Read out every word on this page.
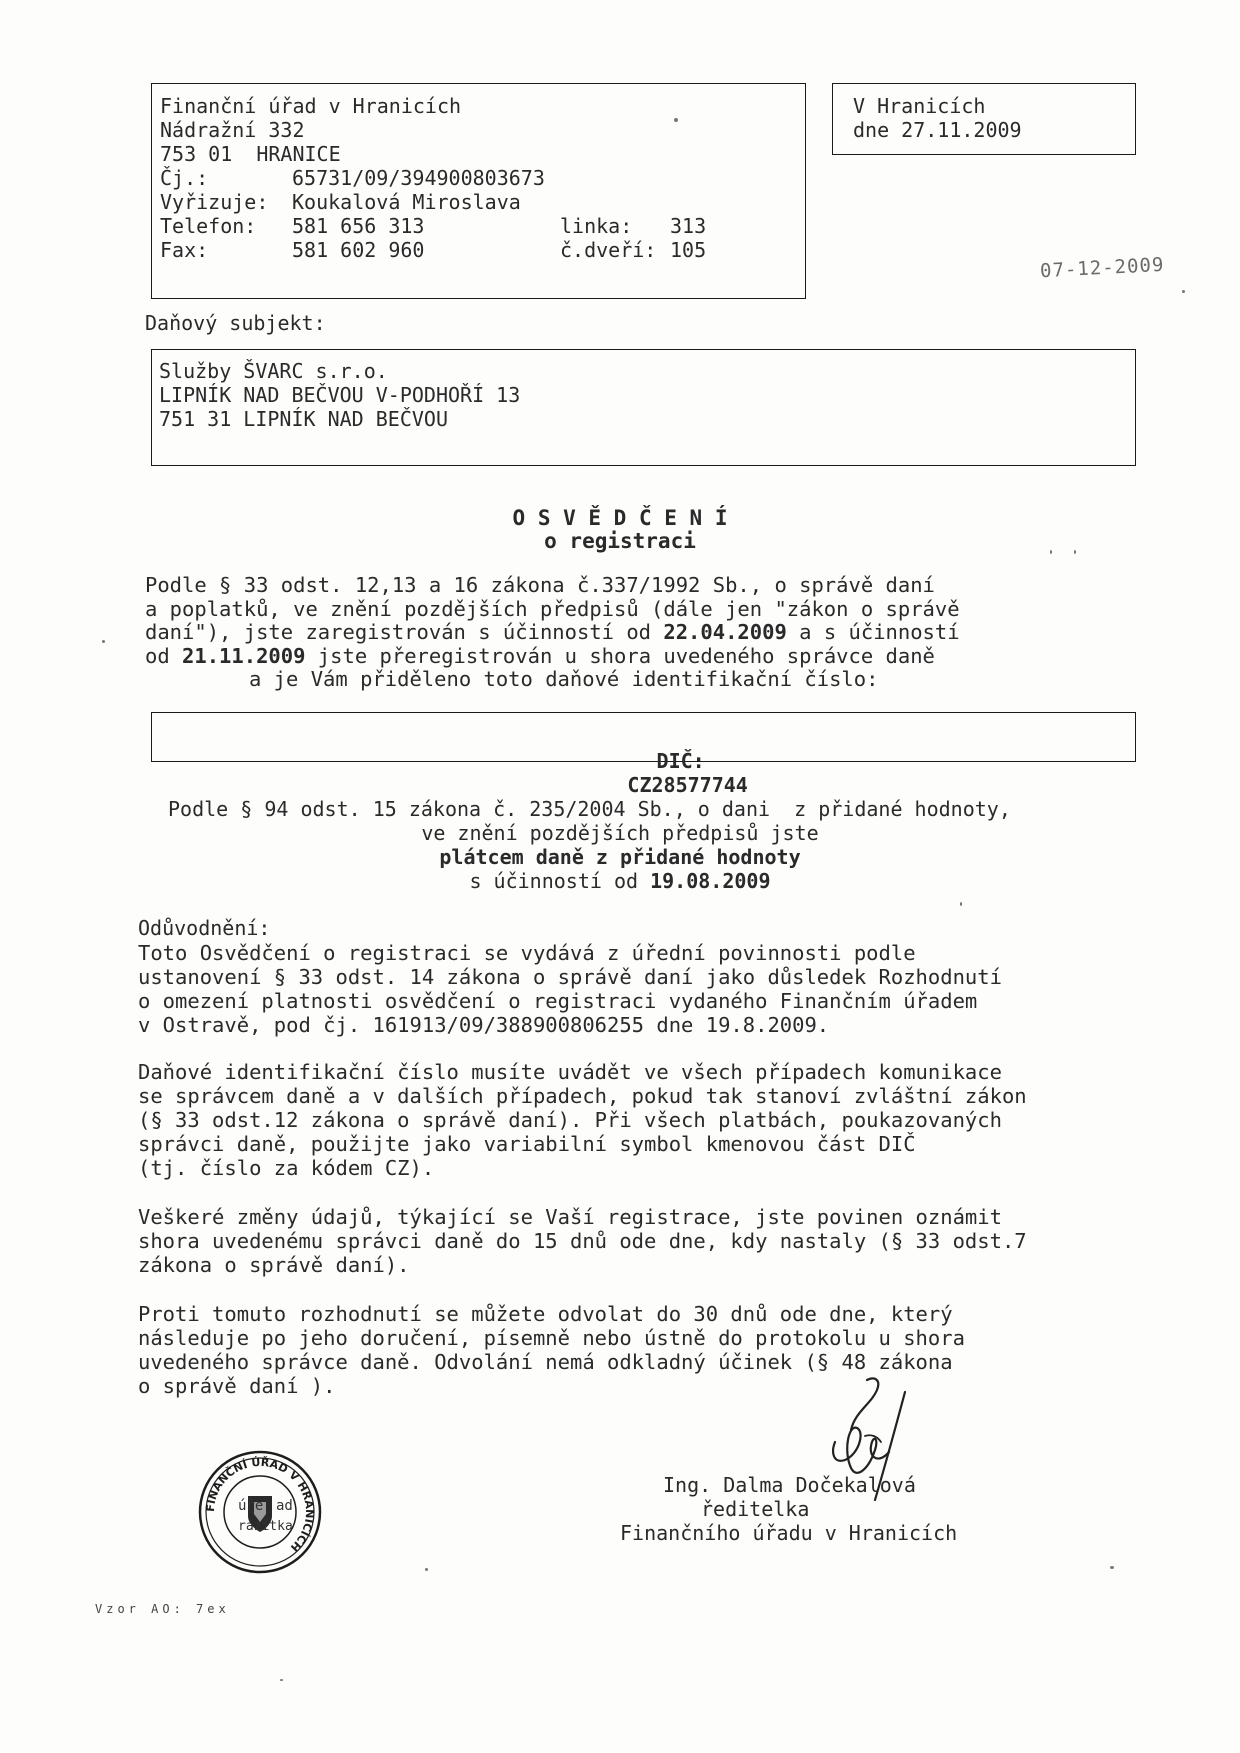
Finanční úřad v Hranicích
Nádražní 332
753 01  HRANICE
Čj.:	65731/09/394900803673
Vyřizuje:	Koukalová Miroslava
Telefon:	581 656 313	linka:	313
Fax:	581 602 960	č.dveří: 105
V Hranicích
dne 27.11.2009
07-12-2009
Daňový subjekt:
Služby ŠVARC s.r.o.
LIPNÍK NAD BEČVOU V-PODHOŘÍ 13
751 31 LIPNÍK NAD BEČVOU
O S V Ě D Č E N Í
o registraci
Podle § 33 odst. 12,13 a 16 zákona č.337/1992 Sb., o správě daní
a poplatků, ve znění pozdějších předpisů (dále jen "zákon o správě
daní"), jste zaregistrován s účinností od 22.04.2009 a s účinností
od 21.11.2009 jste přeregistrován u shora uvedeného správce daně
a je Vám přiděleno toto daňové identifikační číslo:

DIČ:
CZ28577744

Podle § 94 odst. 15 zákona č. 235/2004 Sb., o dani  z přidané hodnoty,
ve znění pozdějších předpisů jste
plátcem daně z přidané hodnoty
s účinností od 19.08.2009
Odůvodnění:
Toto Osvědčení o registraci se vydává z úřední povinnosti podle
ustanovení § 33 odst. 14 zákona o správě daní jako důsledek Rozhodnutí
o omezení platnosti osvědčení o registraci vydaného Finančním úřadem
v Ostravě, pod čj. 161913/09/388900806255 dne 19.8.2009.
Daňové identifikační číslo musíte uvádět ve všech případech komunikace
se správcem daně a v dalších případech, pokud tak stanoví zvláštní zákon
(§ 33 odst.12 zákona o správě daní). Při všech platbách, poukazovaných
správci daně, použijte jako variabilní symbol kmenovou část DIČ
(tj. číslo za kódem CZ).
Veškeré změny údajů, týkající se Vaší registrace, jste povinen oznámit
shora uvedenému správci daně do 15 dnů ode dne, kdy nastaly (§ 33 odst.7
zákona o správě daní).
Proti tomuto rozhodnutí se můžete odvolat do 30 dnů ode dne, který
následuje po jeho doručení, písemně nebo ústně do protokolu u shora
uvedeného správce daně. Odvolání nemá odkladný účinek (§ 48 zákona
o správě daní ).
Ing. Dalma Dočekalová
ředitelka
Finančního úřadu v Hranicích
FINANČNÍ ÚŘAD V HRANICÍCH
úře ad
razítka
Vzor AO: 7ex
